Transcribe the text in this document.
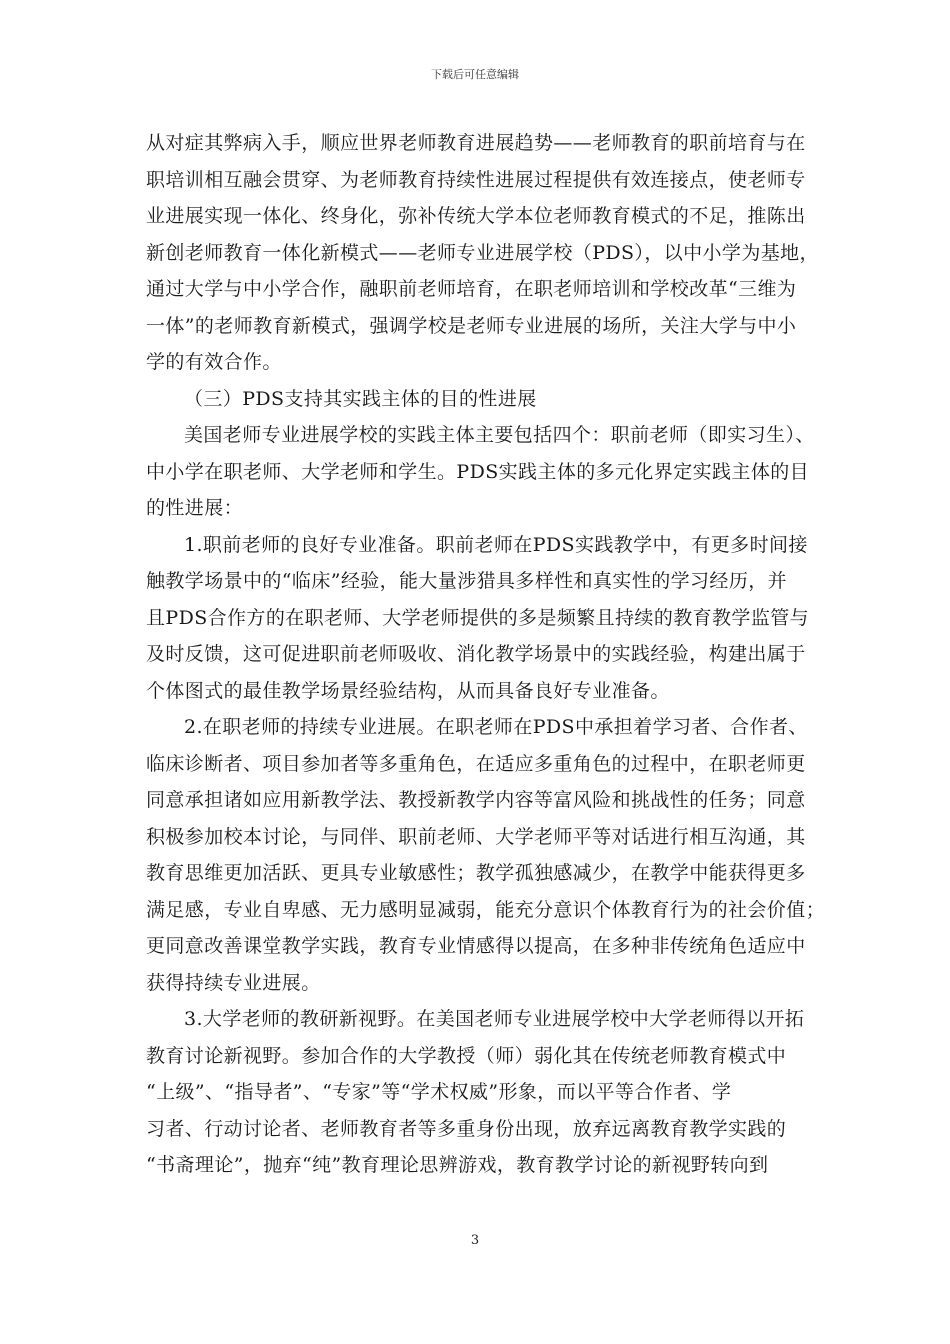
下载后可任意编辑
从对症其弊病入手，顺应世界老师教育进展趋势——老师教育的职前培育与在
职培训相互融会贯穿、为老师教育持续性进展过程提供有效连接点，使老师专
业进展实现一体化、终身化，弥补传统大学本位老师教育模式的不足，推陈出
新创老师教育一体化新模式——老师专业进展学校（PDS），以中小学为基地，
通过大学与中小学合作，融职前老师培育，在职老师培训和学校改革“三维为
一体”的老师教育新模式，强调学校是老师专业进展的场所，关注大学与中小
学的有效合作。
（三）PDS支持其实践主体的目的性进展
美国老师专业进展学校的实践主体主要包括四个：职前老师（即实习生）、
中小学在职老师、大学老师和学生。PDS实践主体的多元化界定实践主体的目
的性进展：
1.职前老师的良好专业准备。职前老师在PDS实践教学中，有更多时间接
触教学场景中的“临床”经验，能大量涉猎具多样性和真实性的学习经历，并
且PDS合作方的在职老师、大学老师提供的多是频繁且持续的教育教学监管与
及时反馈，这可促进职前老师吸收、消化教学场景中的实践经验，构建出属于
个体图式的最佳教学场景经验结构，从而具备良好专业准备。
2.在职老师的持续专业进展。在职老师在PDS中承担着学习者、合作者、
临床诊断者、项目参加者等多重角色，在适应多重角色的过程中，在职老师更
同意承担诸如应用新教学法、教授新教学内容等富风险和挑战性的任务；同意
积极参加校本讨论，与同伴、职前老师、大学老师平等对话进行相互沟通，其
教育思维更加活跃、更具专业敏感性；教学孤独感减少，在教学中能获得更多
满足感，专业自卑感、无力感明显减弱，能充分意识个体教育行为的社会价值；
更同意改善课堂教学实践，教育专业情感得以提高，在多种非传统角色适应中
获得持续专业进展。
3.大学老师的教研新视野。在美国老师专业进展学校中大学老师得以开拓
教育讨论新视野。参加合作的大学教授（师）弱化其在传统老师教育模式中
“上级”、“指导者”、“专家”等“学术权威”形象，而以平等合作者、学
习者、行动讨论者、老师教育者等多重身份出现，放弃远离教育教学实践的
“书斋理论”，抛弃“纯”教育理论思辨游戏，教育教学讨论的新视野转向到
3
